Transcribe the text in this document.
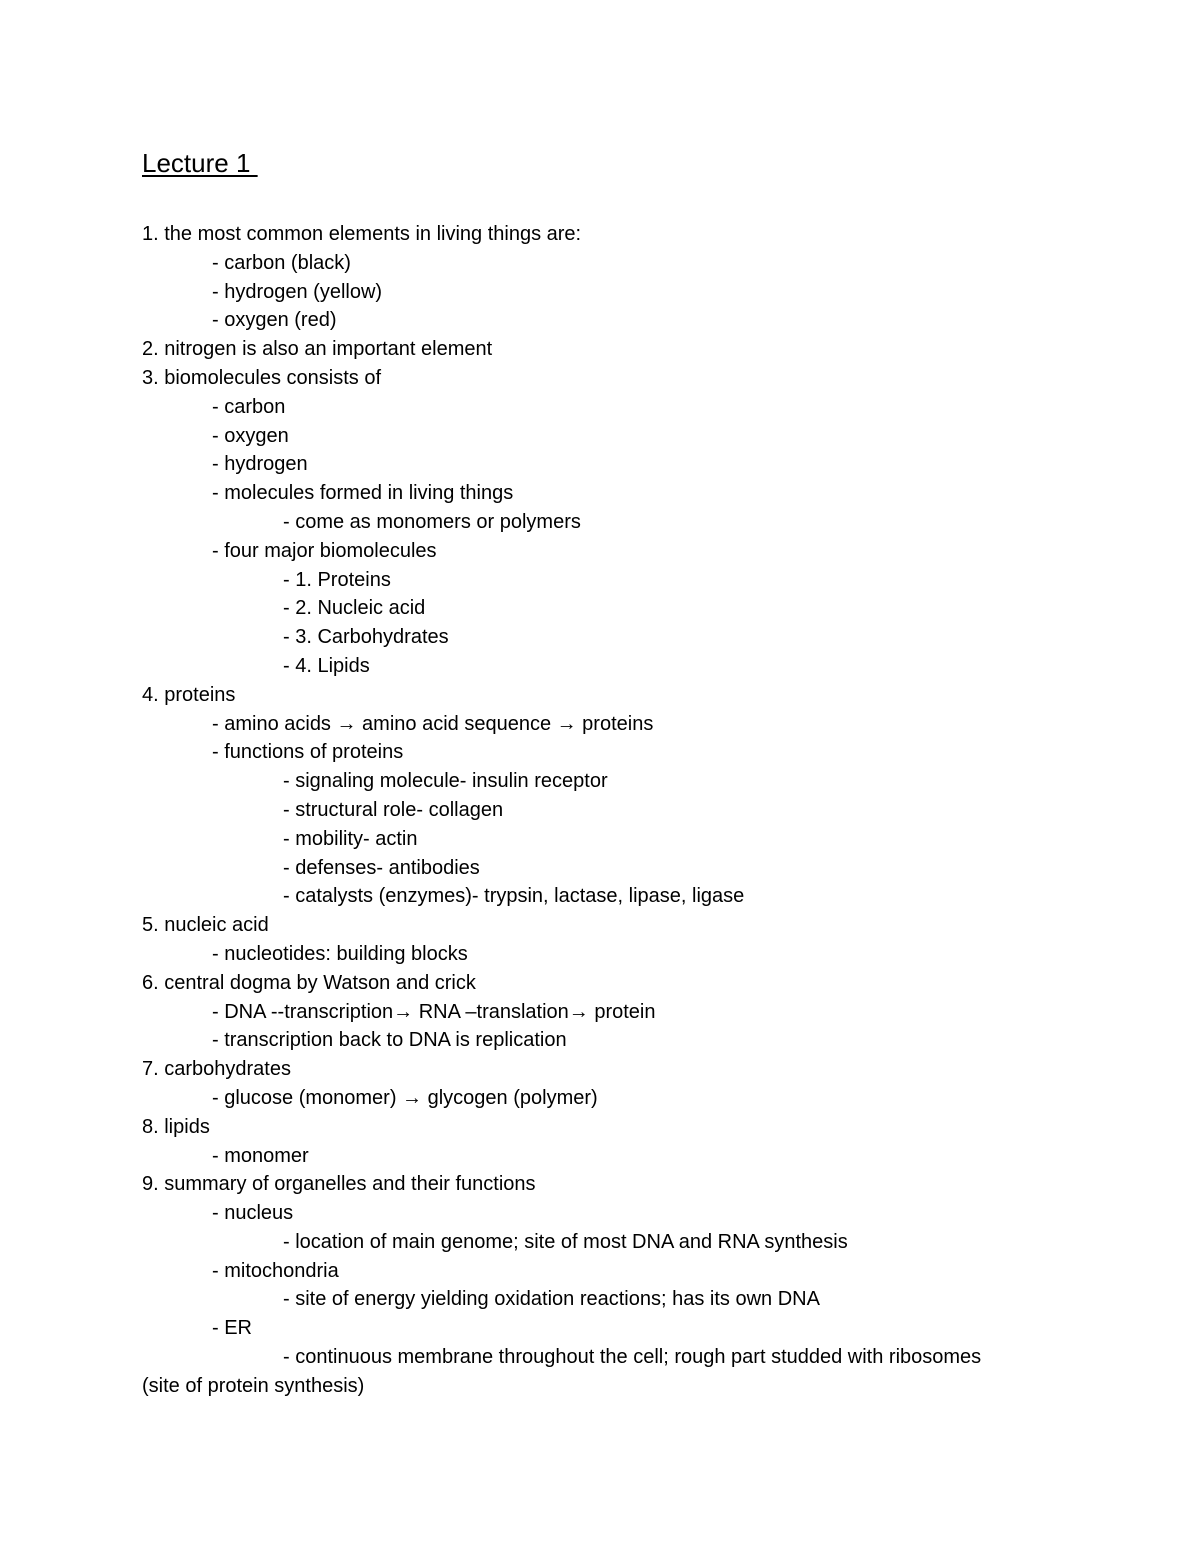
Lecture 1
1. the most common elements in living things are:
- carbon (black)
- hydrogen (yellow)
- oxygen (red)
2. nitrogen is also an important element
3. biomolecules consists of
- carbon
- oxygen
- hydrogen
- molecules formed in living things
- come as monomers or polymers
- four major biomolecules
- 1. Proteins
- 2. Nucleic acid
- 3. Carbohydrates
- 4. Lipids
4. proteins
- amino acids → amino acid sequence → proteins
- functions of proteins
- signaling molecule- insulin receptor
- structural role- collagen
- mobility- actin
- defenses- antibodies
- catalysts (enzymes)- trypsin, lactase, lipase, ligase
5. nucleic acid
- nucleotides: building blocks
6. central dogma by Watson and crick
- DNA --transcription→ RNA –translation→ protein
- transcription back to DNA is replication
7. carbohydrates
- glucose (monomer) → glycogen (polymer)
8. lipids
- monomer
9. summary of organelles and their functions
- nucleus
- location of main genome; site of most DNA and RNA synthesis
- mitochondria
- site of energy yielding oxidation reactions; has its own DNA
- ER
- continuous membrane throughout the cell; rough part studded with ribosomes
(site of protein synthesis)
